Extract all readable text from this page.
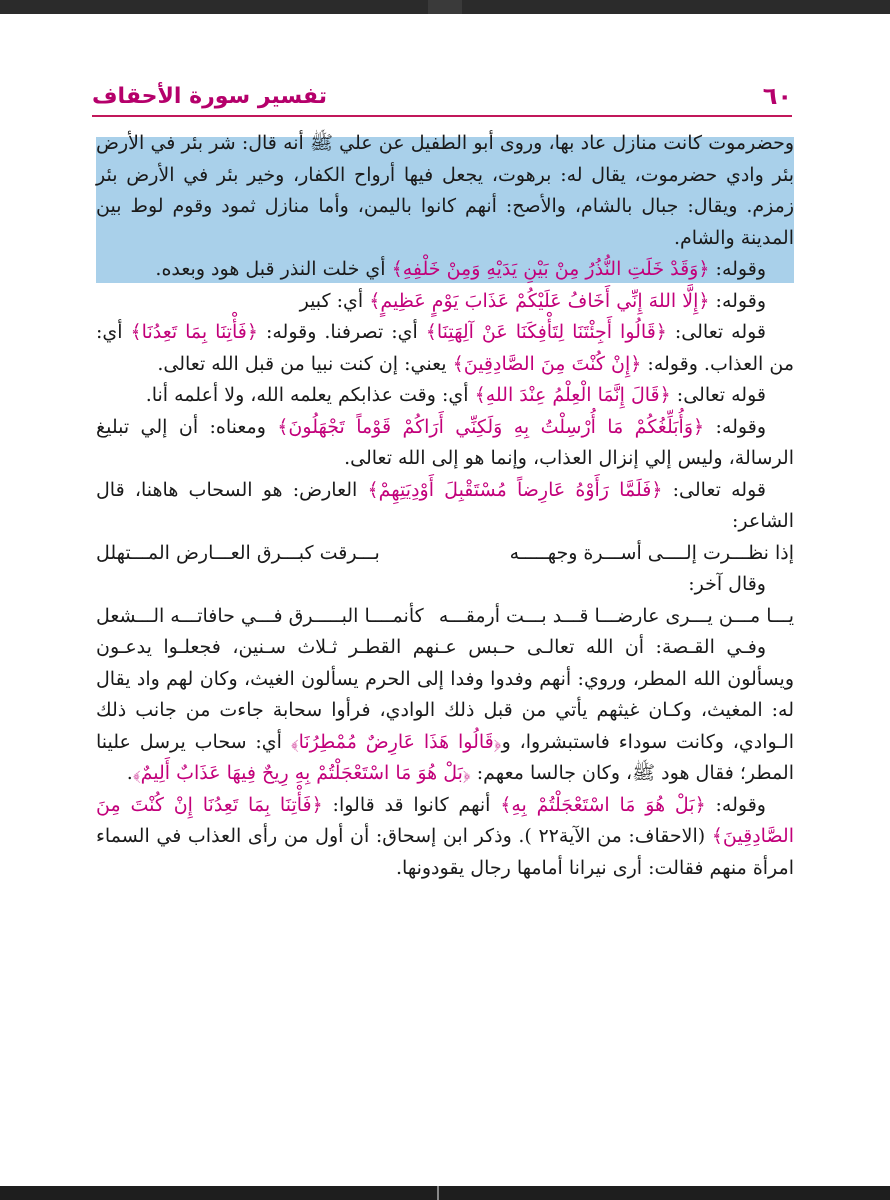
٦٠
تفسير سورة الأحقاف
وحضرموت كانت منازل عاد بها، وروى أبو الطفيل عن علي ﷺ أنه قال: شر بئر في الأرض بئر وادي حضرموت، يقال له: برهوت، يجعل فيها أرواح الكفار، وخير بئر في الأرض بئر زمزم. ويقال: جبال بالشام، والأصح: أنهم كانوا باليمن، وأما منازل ثمود وقوم لوط بين المدينة والشام.
وقوله: ﴿وَقَدْ خَلَتِ النُّذُرُ مِنْ بَيْنِ يَدَيْهِ وَمِنْ خَلْفِهِ﴾ أي خلت النذر قبل هود وبعده.
وقوله: ﴿إِلَّا اللهَ إِنِّي أَخَافُ عَلَيْكُمْ عَذَابَ يَوْمٍ عَظِيمٍ﴾ أي: كبير
قوله تعالى: ﴿قَالُوا أَجِئْتَنَا لِتَأْفِكَنَا عَنْ آلِهَتِنَا﴾ أي: تصرفنا. وقوله: ﴿فَأْتِنَا بِمَا تَعِدُنَا﴾ أي: من العذاب. وقوله: ﴿إِنْ كُنْتَ مِنَ الصَّادِقِينَ﴾ يعني: إن كنت نبيا من قبل الله تعالى.
قوله تعالى: ﴿قَالَ إِنَّمَا الْعِلْمُ عِنْدَ اللهِ﴾ أي: وقت عذابكم يعلمه الله، ولا أعلمه أنا.
وقوله: ﴿وَأُبَلِّغُكُمْ مَا أُرْسِلْتُ بِهِ وَلَكِنِّي أَرَاكُمْ قَوْماً تَجْهَلُونَ﴾ ومعناه: أن إلي تبليغ الرسالة، وليس إلي إنزال العذاب، وإنما هو إلى الله تعالى.
قوله تعالى: ﴿فَلَمَّا رَأَوْهُ عَارِضاً مُسْتَقْبِلَ أَوْدِيَتِهِمْ﴾ العارض: هو السحاب هاهنا، قال الشاعر:
إذا نظـــرت إلــــى أســـرة وجهـــــه
بـــرقت كبـــرق العـــارض المـــتهلل
وقال آخر:
يـــا مـــن يـــرى عارضـــا قـــد بـــت أرمقـــه
كأنمــــا البـــــرق فـــي حافاتـــه الـــشعل
وفـي القـصة: أن الله تعالـى حـبس عـنهم القطـر ثـلاث سـنين، فجعلـوا يدعـون ويسألون الله المطر، وروي: أنهم وفدوا وفدا إلى الحرم يسألون الغيث، وكان لهم واد يقال له: المغيث، وكـان غيثهم يأتي من قبل ذلك الوادي، فرأوا سحابة جاءت من جانب ذلك الـوادي، وكانت سوداء فاستبشروا، و﴿قَالُوا هَذَا عَارِضٌ مُمْطِرُنَا﴾ أي: سحاب يرسل علينا المطر؛ فقال هود ﷺ، وكان جالسا معهم: ﴿بَلْ هُوَ مَا اسْتَعْجَلْتُمْ بِهِ رِيحٌ فِيهَا عَذَابٌ أَلِيمٌ﴾.
وقوله: ﴿بَلْ هُوَ مَا اسْتَعْجَلْتُمْ بِهِ﴾ أنهم كانوا قد قالوا: ﴿فَأْتِنَا بِمَا تَعِدُنَا إِنْ كُنْتَ مِنَ الصَّادِقِينَ﴾ (الاحقاف: من الآية٢٢ ). وذكر ابن إسحاق: أن أول من رأى العذاب في السماء امرأة منهم فقالت: أرى نيرانا أمامها رجال يقودونها.
